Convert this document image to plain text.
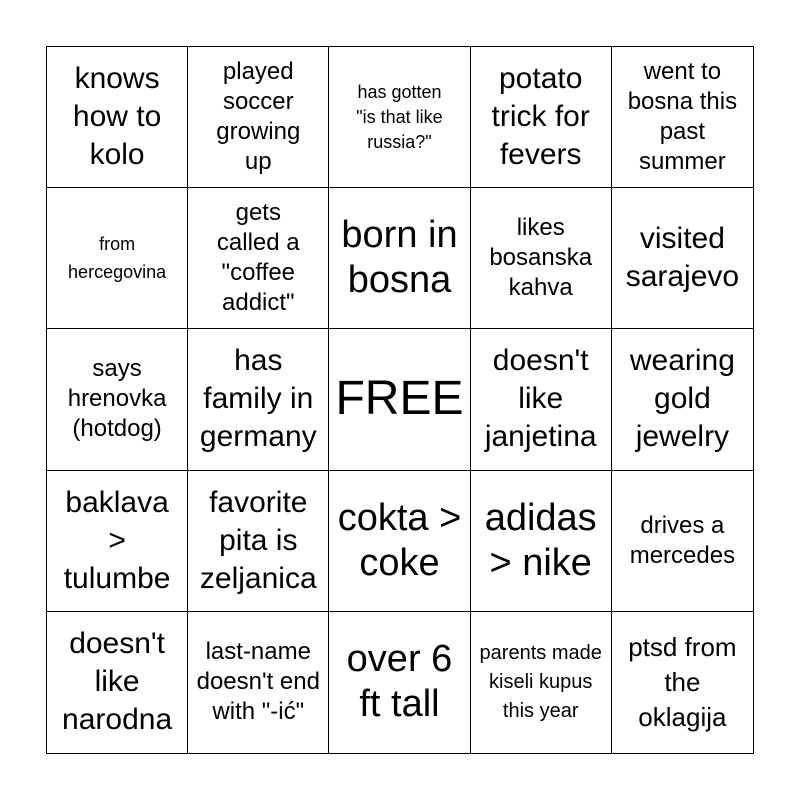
knows how to kolo
played soccer growing up
has gotten "is that like russia?"
potato trick for fevers
went to bosna this past summer
from hercegovina
gets called a "coffee addict"
born in bosna
likes bosanska kahva
visited sarajevo
says hrenovka (hotdog)
has family in germany
FREE
doesn't like janjetina
wearing gold jewelry
baklava > tulumbe
favorite pita is zeljanica
cokta > coke
adidas > nike
drives a mercedes
doesn't like narodna
last-name doesn't end with "-ić"
over 6 ft tall
parents made kiseli kupus this year
ptsd from the oklagija
